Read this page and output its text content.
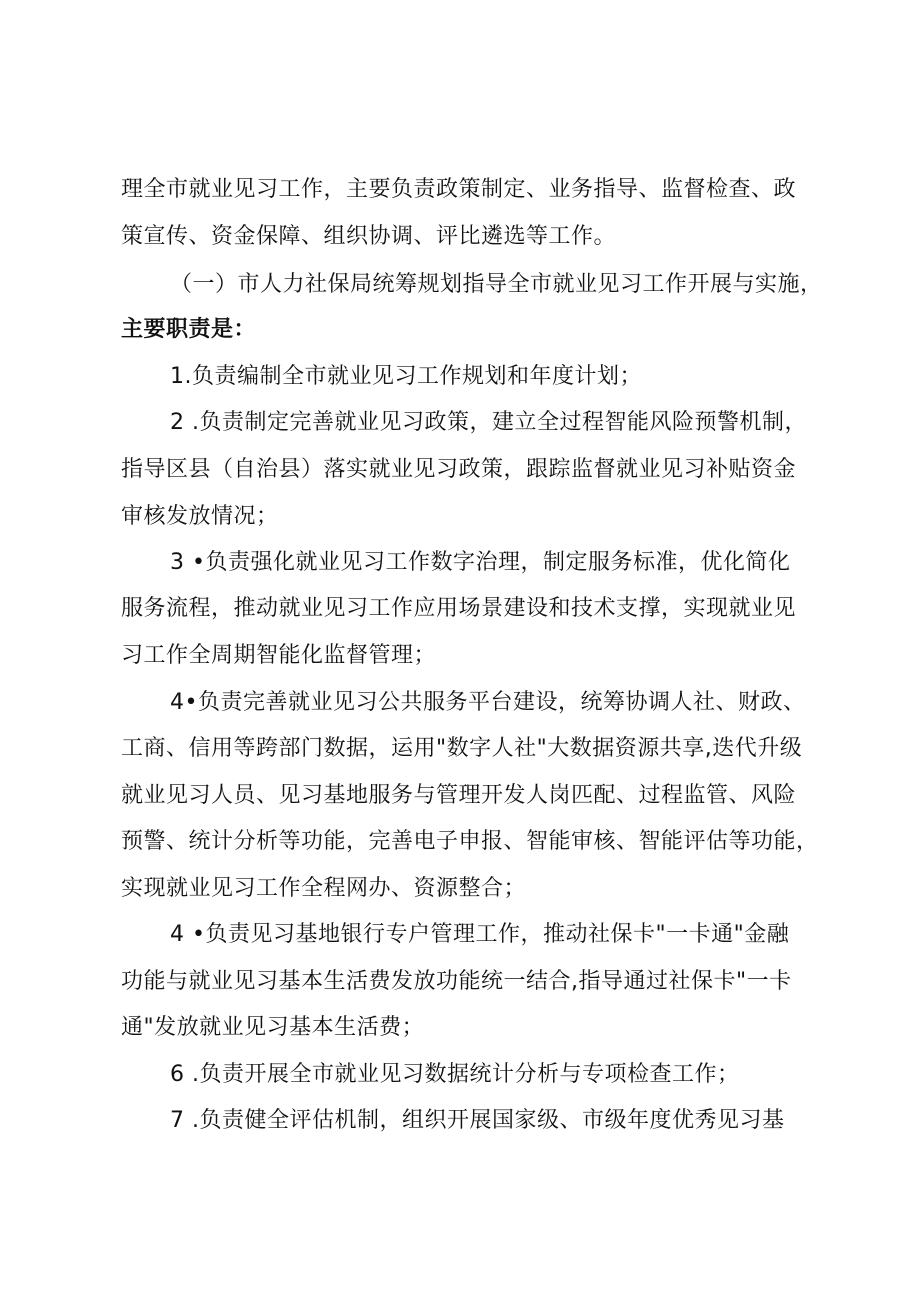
理全市就业见习工作，主要负责政策制定、业务指导、监督检查、政
策宣传、资金保障、组织协调、评比遴选等工作。
（一）市人力社保局统筹规划指导全市就业见习工作开展与实施，
主要职责是：
1.负责编制全市就业见习工作规划和年度计划；
2 .负责制定完善就业见习政策，建立全过程智能风险预警机制，
指导区县（自治县）落实就业见习政策，跟踪监督就业见习补贴资金
审核发放情况；
3 •负责强化就业见习工作数字治理，制定服务标准，优化简化
服务流程，推动就业见习工作应用场景建设和技术支撑，实现就业见
习工作全周期智能化监督管理；
4•负责完善就业见习公共服务平台建设，统筹协调人社、财政、
工商、信用等跨部门数据，运用"数字人社"大数据资源共享,迭代升级
就业见习人员、见习基地服务与管理开发人岗匹配、过程监管、风险
预警、统计分析等功能，完善电子申报、智能审核、智能评估等功能，
实现就业见习工作全程网办、资源整合；
4 •负责见习基地银行专户管理工作，推动社保卡"一卡通"金融
功能与就业见习基本生活费发放功能统一结合,指导通过社保卡"一卡
通"发放就业见习基本生活费；
6 .负责开展全市就业见习数据统计分析与专项检查工作；
7 .负责健全评估机制，组织开展国家级、市级年度优秀见习基
